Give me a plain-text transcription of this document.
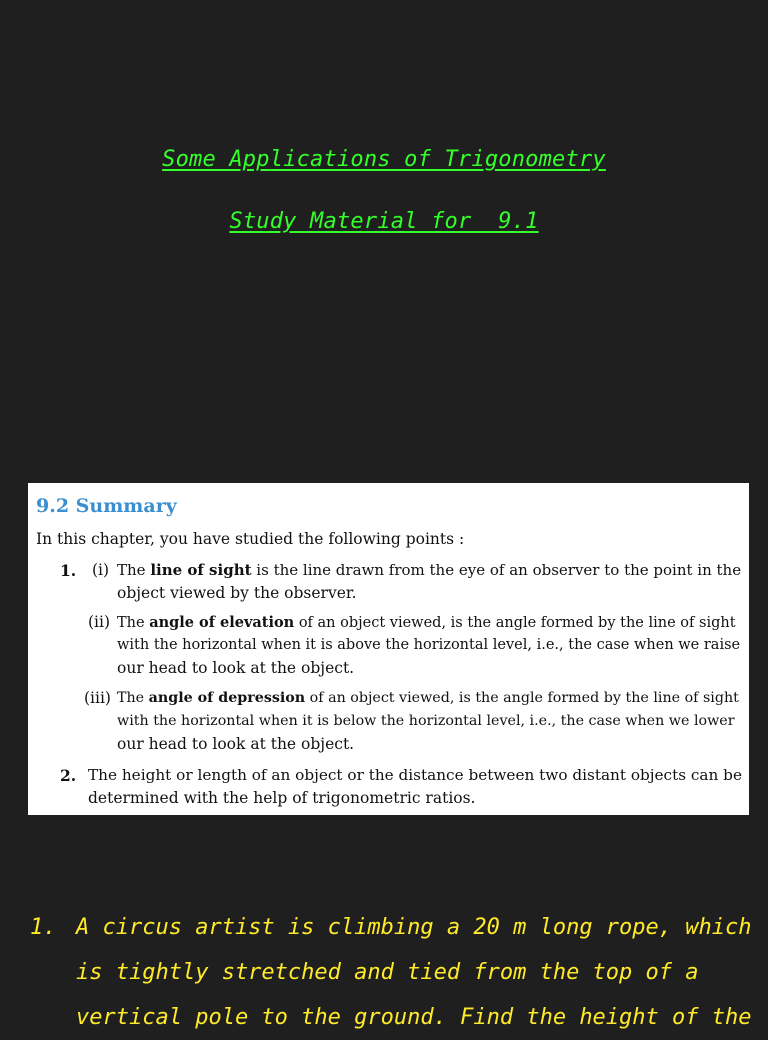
Some Applications of Trigonometry
Study Material for  9.1
9.2 Summary
In this chapter, you have studied the following points :
1. (i) The line of sight is the line drawn from the eye of an observer to the point in the
object viewed by the observer.
(ii) The angle of elevation of an object viewed, is the angle formed by the line of sight
with the horizontal when it is above the horizontal level, i.e., the case when we raise
our head to look at the object.
(iii) The angle of depression of an object viewed, is the angle formed by the line of sight
with the horizontal when it is below the horizontal level, i.e., the case when we lower
our head to look at the object.
2. The height or length of an object or the distance between two distant objects can be
determined with the help of trigonometric ratios.
1. A circus artist is climbing a 20 m long rope, which
is tightly stretched and tied from the top of a
vertical pole to the ground. Find the height of the
